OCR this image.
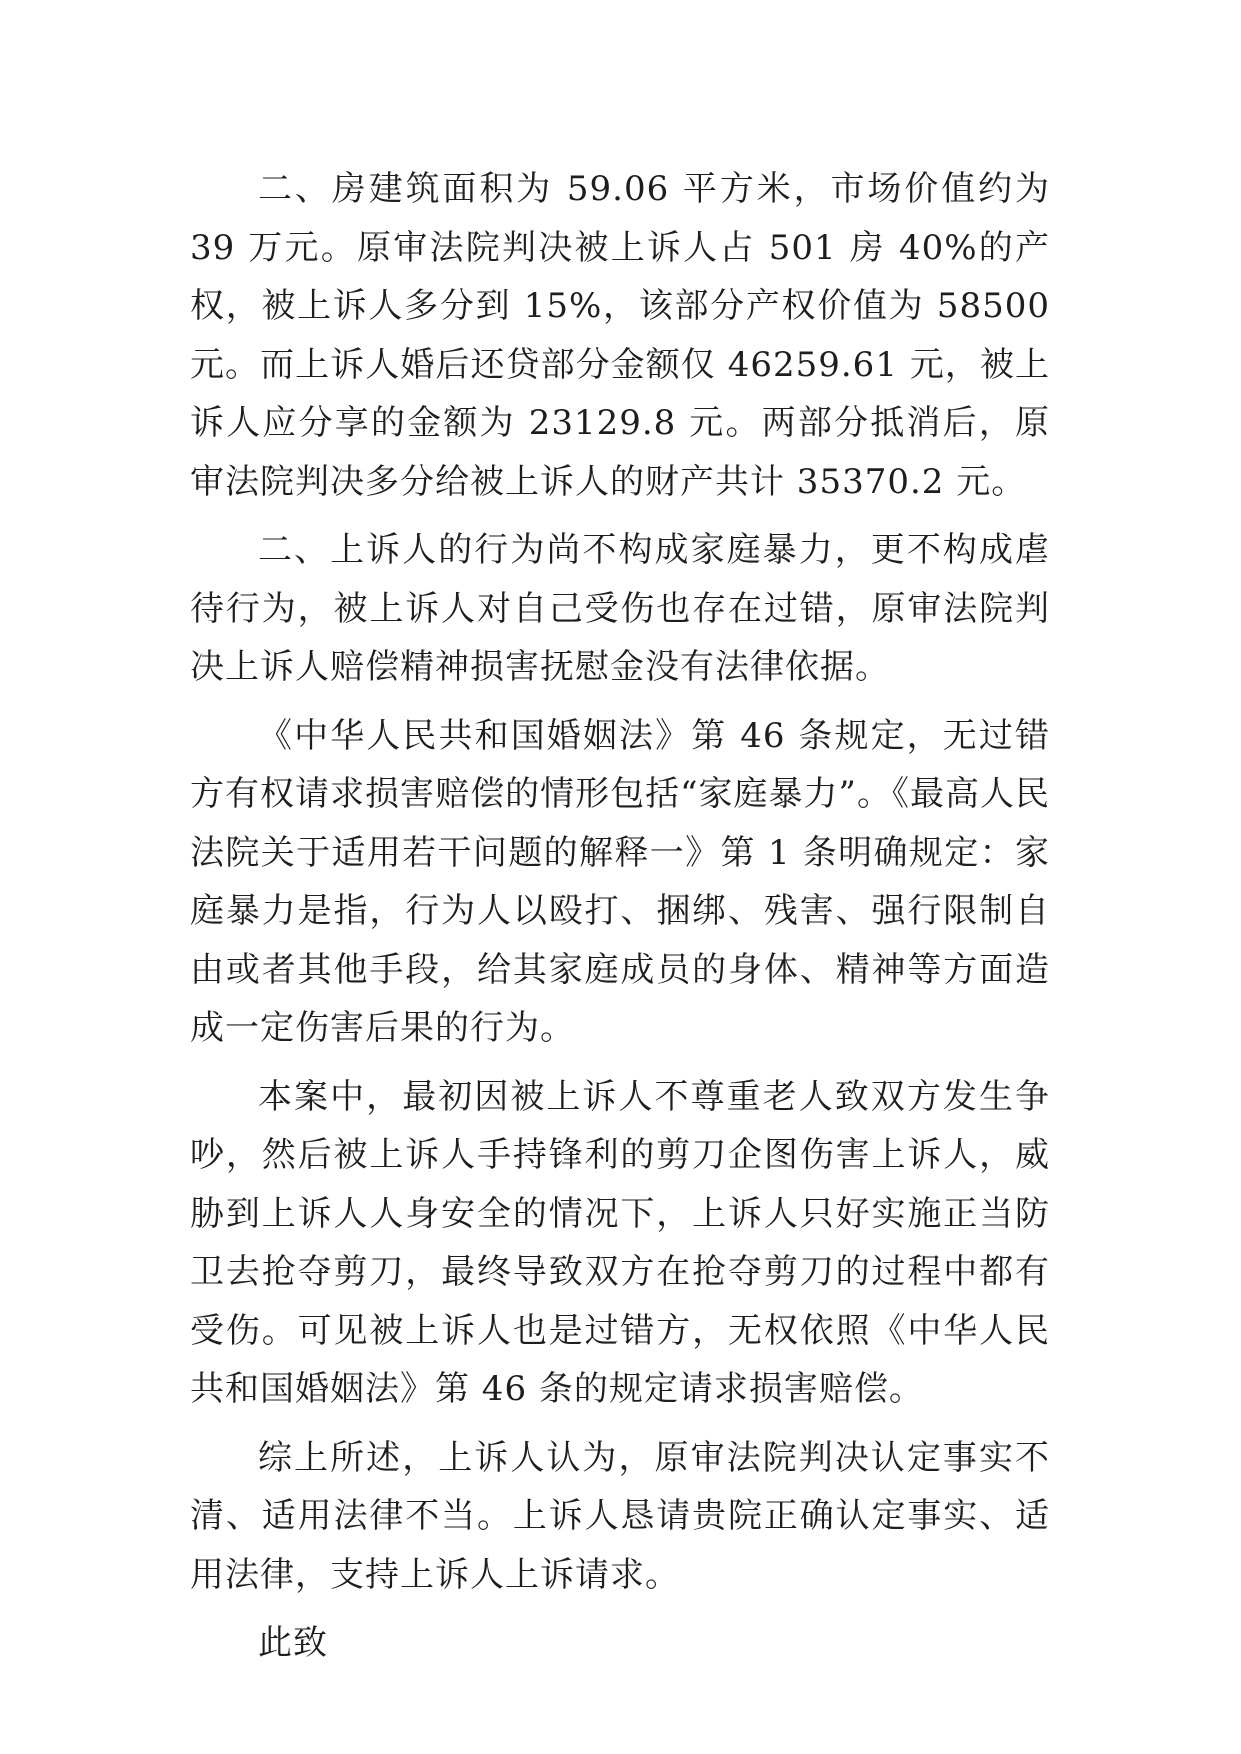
二、房建筑面积为 59.06 平方米，市场价值约为 39 万元。原审法院判决被上诉人占 501 房 40%的产权，被上诉人多分到 15%，该部分产权价值为 58500 元。而上诉人婚后还贷部分金额仅 46259.61 元，被上诉人应分享的金额为 23129.8 元。两部分抵消后，原审法院判决多分给被上诉人的财产共计 35370.2 元。

二、上诉人的行为尚不构成家庭暴力，更不构成虐待行为，被上诉人对自己受伤也存在过错，原审法院判决上诉人赔偿精神损害抚慰金没有法律依据。

《中华人民共和国婚姻法》第 46 条规定，无过错方有权请求损害赔偿的情形包括“家庭暴力”。《最高人民法院关于适用若干问题的解释一》第 1 条明确规定：家庭暴力是指，行为人以殴打、捆绑、残害、强行限制自由或者其他手段，给其家庭成员的身体、精神等方面造成一定伤害后果的行为。

本案中，最初因被上诉人不尊重老人致双方发生争吵，然后被上诉人手持锋利的剪刀企图伤害上诉人，威胁到上诉人人身安全的情况下，上诉人只好实施正当防卫去抢夺剪刀，最终导致双方在抢夺剪刀的过程中都有受伤。可见被上诉人也是过错方，无权依照《中华人民共和国婚姻法》第 46 条的规定请求损害赔偿。

综上所述，上诉人认为，原审法院判决认定事实不清、适用法律不当。上诉人恳请贵院正确认定事实、适用法律，支持上诉人上诉请求。

此致
